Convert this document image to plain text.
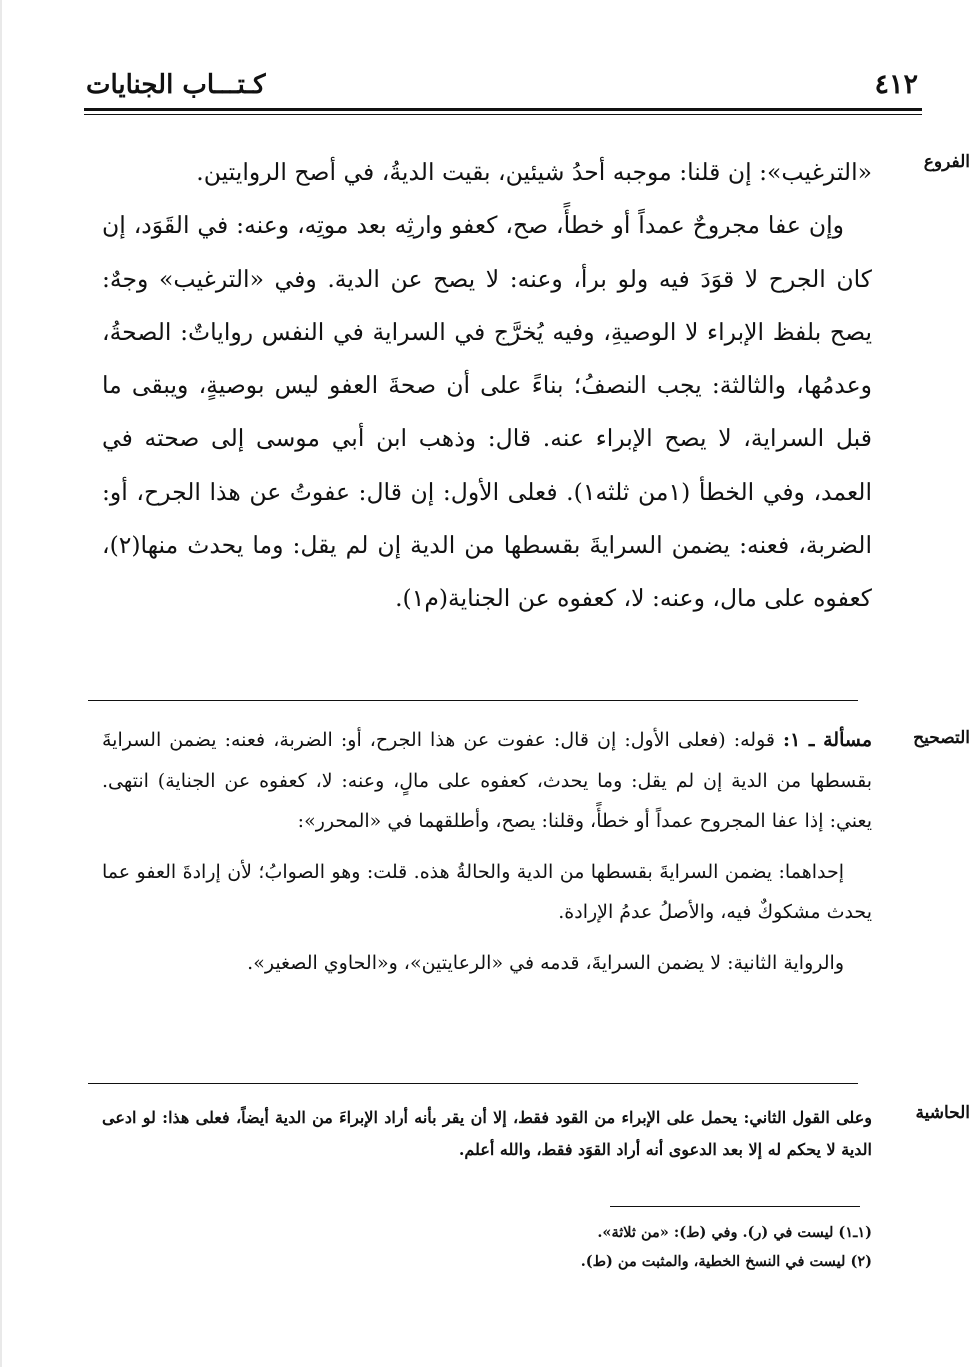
٤١٢
كـتـــاب الجنايات
الفروع

«الترغيب»: إن قلنا: موجبه أحدُ شيئين، بقيت الديةُ، في أصح الروايتين.

وإن عفا مجروحٌ عمداً أو خطأً، صح، كعفو وارثِه بعد موتِه، وعنه: في القَوَد، إن كان الجرح لا قوَدَ فيه ولو برأ، وعنه: لا يصح عن الدية. وفي «الترغيب» وجهٌ: يصح بلفظ الإبراء لا الوصيةِ، وفيه يُخرَّج في السراية في النفس رواياتٌ: الصحةُ، وعدمُها، والثالثة: يجب النصفُ؛ بناءً على أن صحةَ العفو ليس بوصيةٍ، ويبقى ما قبل السراية، لا يصح الإبراء عنه. قال: وذهب ابن أبي موسى إلى صحته في العمد، وفي الخطأ (١من ثلثه١). فعلى الأول: إن قال: عفوتُ عن هذا الجرح، أو: الضربة، فعنه: يضمن السرايةَ بقسطها من الدية إن لم يقل: وما يحدث منها(٢)، كعفوه على مال، وعنه: لا، كعفوه عن الجناية(م١).

التصحيح

مسألة ـ ١: قوله: (فعلى الأول: إن قال: عفوت عن هذا الجرح، أو: الضربة، فعنه: يضمن السرايةَ بقسطها من الدية إن لم يقل: وما يحدث، كعفوه على مالٍ، وعنه: لا، كعفوه عن الجناية) انتهى. يعني: إذا عفا المجروح عمداً أو خطأً، وقلنا: يصح، وأطلقهما في «المحرر»:

إحداهما: يضمن السرايةَ بقسطها من الدية والحالةُ هذه. قلت: وهو الصوابُ؛ لأن إرادةَ العفو عما يحدث مشكوكٌ فيه، والأصلُ عدمُ الإرادة.

والرواية الثانية: لا يضمن السرايةَ، قدمه في «الرعايتين»، و«الحاوي الصغير».

الحاشية

وعلى القول الثاني: يحمل على الإبراء من القود فقط، إلا أن يقر بأنه أراد الإبراءَ من الدية أيضاً، فعلى هذا: لو ادعى الدية لا يحكم له إلا بعد الدعوى أنه أراد القوَد فقط، والله أعلم.

(١ـ١) ليست في (ر). وفي (ط): «من ثلاثة».

(٢) ليست في النسخ الخطية، والمثبت من (ط).
